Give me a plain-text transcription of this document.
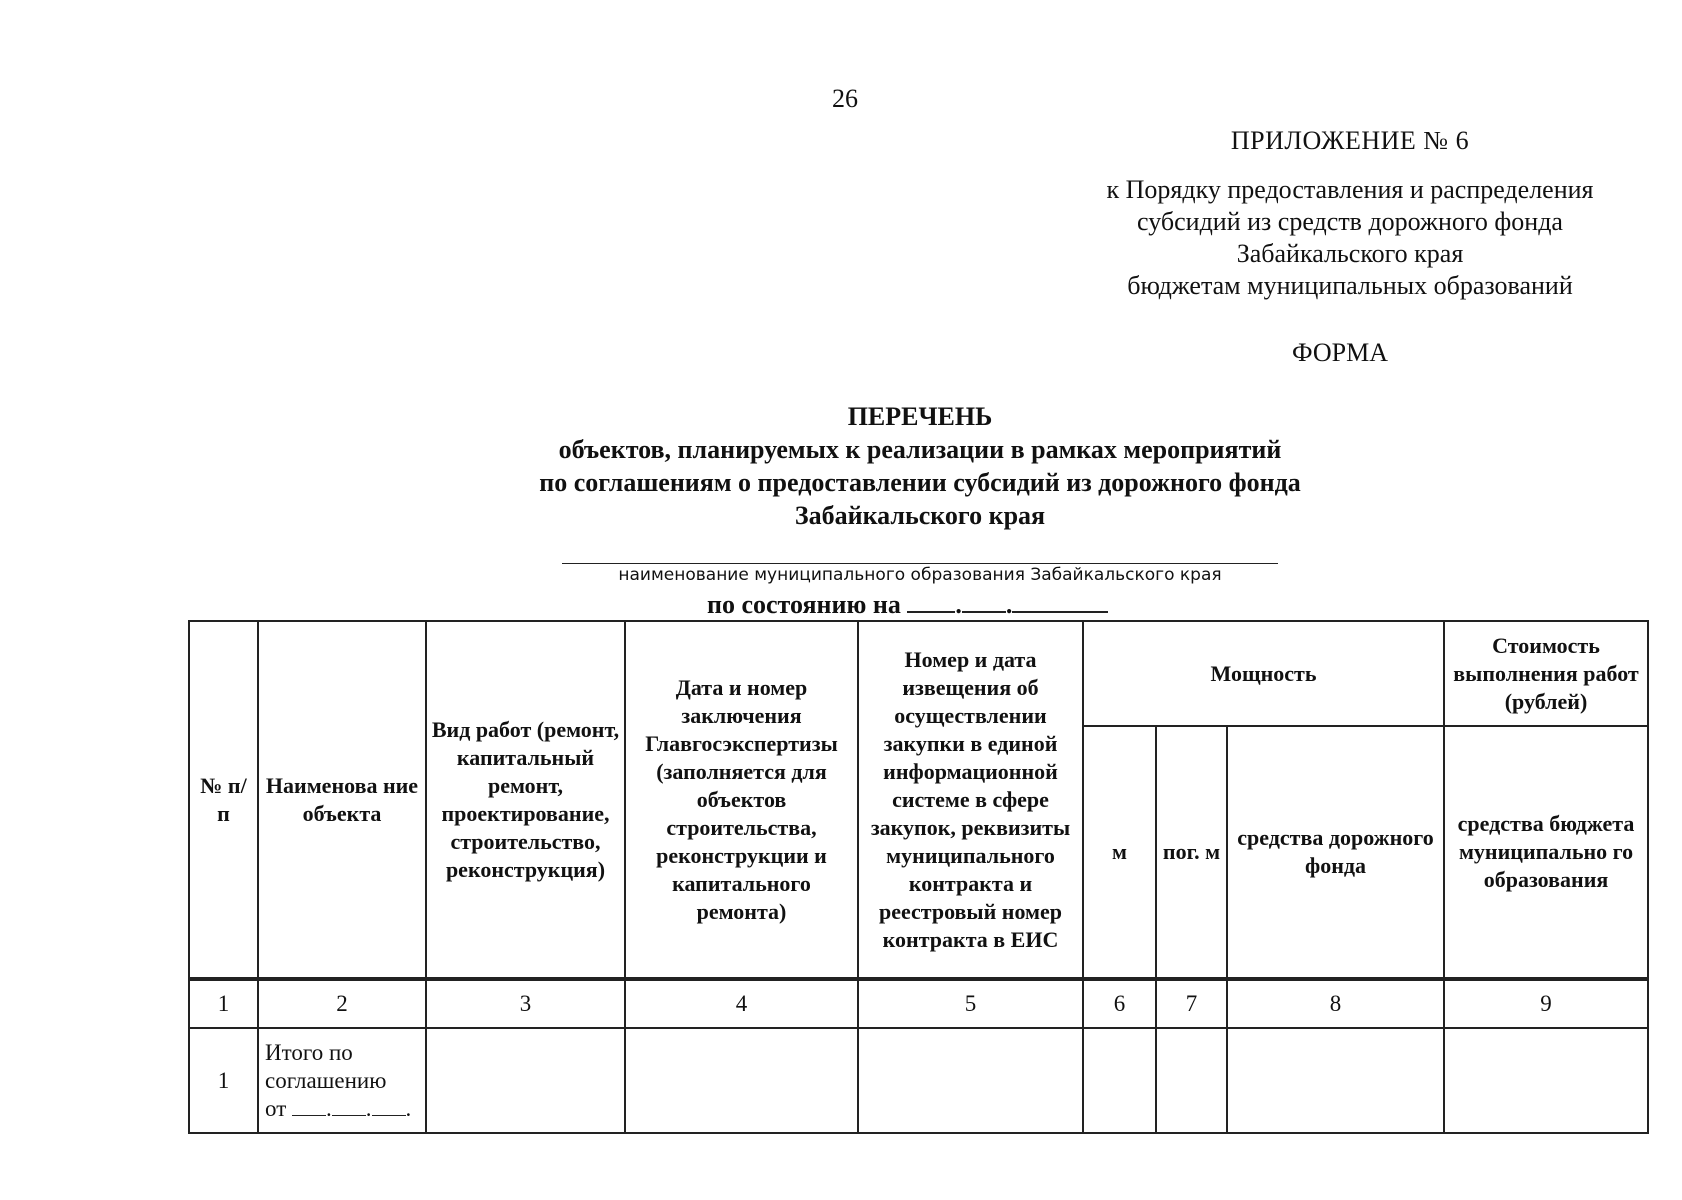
26
ПРИЛОЖЕНИЕ № 6
к Порядку предоставления и распределения
субсидий из средств дорожного фонда
Забайкальского края
бюджетам муниципальных образований
ФОРМА
ПЕРЕЧЕНЬ
объектов, планируемых к реализации в рамках мероприятий
по соглашениям о предоставлении субсидий из дорожного фонда
Забайкальского края
наименование муниципального образования Забайкальского края
по состоянию на . .
№ п/п	Наименова ние объекта	Вид работ (ремонт, капитальный ремонт, проектирование, строительство, реконструкция)	Дата и номер заключения Главгосэкспертизы (заполняется для объектов строительства, реконструкции и капитального ремонта)	Номер и дата извещения об осуществлении закупки в единой информационной системе в сфере закупок, реквизиты муниципального контракта и реестровый номер контракта в ЕИС	Мощность			Стоимость выполнения работ (рублей)
					м	пог. м	средства дорожного фонда	средства бюджета муниципально го образования
1	2	3	4	5	6	7	8	9
1	Итого по
соглашению
от . . .							
